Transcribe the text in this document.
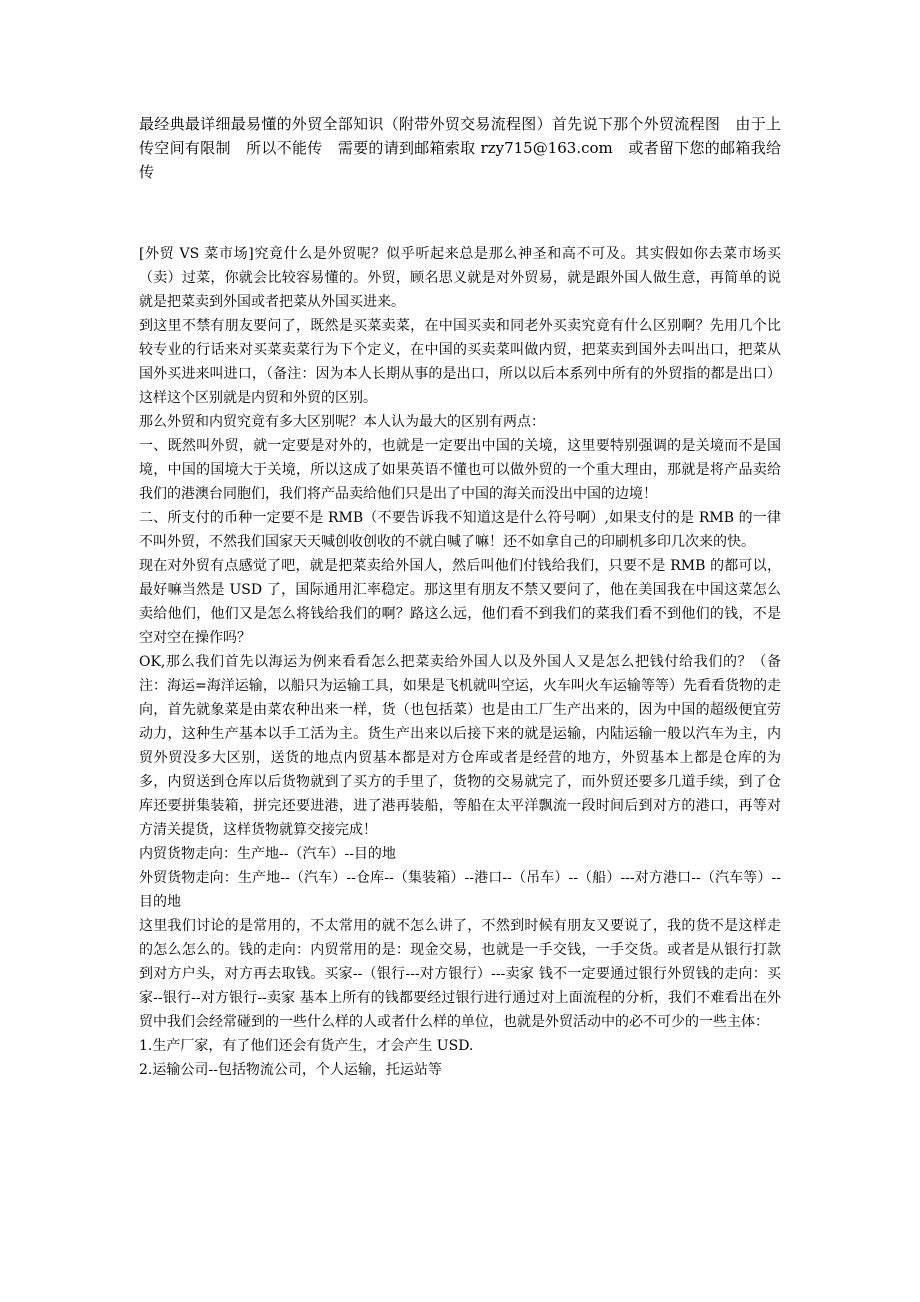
最经典最详细最易懂的外贸全部知识（附带外贸交易流程图）首先说下那个外贸流程图　由于上传空间有限制　所以不能传　需要的请到邮箱索取 rzy715@163.com　或者留下您的邮箱我给传

[外贸 VS 菜市场]究竟什么是外贸呢？似乎听起来总是那么神圣和高不可及。其实假如你去菜市场买（卖）过菜，你就会比较容易懂的。外贸，顾名思义就是对外贸易，就是跟外国人做生意，再简单的说就是把菜卖到外国或者把菜从外国买进来。

到这里不禁有朋友要问了，既然是买菜卖菜，在中国买卖和同老外买卖究竟有什么区别啊？先用几个比较专业的行话来对买菜卖菜行为下个定义，在中国的买卖菜叫做内贸，把菜卖到国外去叫出口，把菜从国外买进来叫进口，（备注：因为本人长期从事的是出口，所以以后本系列中所有的外贸指的都是出口）这样这个区别就是内贸和外贸的区别。

那么外贸和内贸究竟有多大区别呢？本人认为最大的区别有两点：

一、既然叫外贸，就一定要是对外的，也就是一定要出中国的关境，这里要特别强调的是关境而不是国境，中国的国境大于关境，所以这成了如果英语不懂也可以做外贸的一个重大理由，那就是将产品卖给我们的港澳台同胞们，我们将产品卖给他们只是出了中国的海关而没出中国的边境！

二、所支付的币种一定要不是 RMB（不要告诉我不知道这是什么符号啊）,如果支付的是 RMB 的一律不叫外贸，不然我们国家天天喊创收创收的不就白喊了嘛！还不如拿自己的印刷机多印几次来的快。

现在对外贸有点感觉了吧，就是把菜卖给外国人，然后叫他们付钱给我们，只要不是 RMB 的都可以，最好嘛当然是 USD 了，国际通用汇率稳定。那这里有朋友不禁又要问了，他在美国我在中国这菜怎么卖给他们，他们又是怎么将钱给我们的啊？路这么远，他们看不到我们的菜我们看不到他们的钱，不是空对空在操作吗？

OK,那么我们首先以海运为例来看看怎么把菜卖给外国人以及外国人又是怎么把钱付给我们的？（备注：海运=海洋运输，以船只为运输工具，如果是飞机就叫空运，火车叫火车运输等等）先看看货物的走向，首先就象菜是由菜农种出来一样，货（也包括菜）也是由工厂生产出来的，因为中国的超级便宜劳动力，这种生产基本以手工活为主。货生产出来以后接下来的就是运输，内陆运输一般以汽车为主，内贸外贸没多大区别，送货的地点内贸基本都是对方仓库或者是经营的地方，外贸基本上都是仓库的为多，内贸送到仓库以后货物就到了买方的手里了，货物的交易就完了，而外贸还要多几道手续，到了仓库还要拼集装箱，拼完还要进港，进了港再装船，等船在太平洋飘流一段时间后到对方的港口，再等对方清关提货，这样货物就算交接完成！

内贸货物走向：生产地--（汽车）--目的地

外贸货物走向：生产地--（汽车）--仓库--（集装箱）--港口--（吊车）--（船）---对方港口--（汽车等）--目的地

这里我们讨论的是常用的，不太常用的就不怎么讲了，不然到时候有朋友又要说了，我的货不是这样走的怎么怎么的。钱的走向：内贸常用的是：现金交易，也就是一手交钱，一手交货。或者是从银行打款到对方户头，对方再去取钱。买家--（银行---对方银行）---卖家 钱不一定要通过银行外贸钱的走向：买家--银行--对方银行--卖家 基本上所有的钱都要经过银行进行通过对上面流程的分析，我们不难看出在外贸中我们会经常碰到的一些什么样的人或者什么样的单位，也就是外贸活动中的必不可少的一些主体：

1.生产厂家，有了他们还会有货产生，才会产生 USD.

2.运输公司--包括物流公司，个人运输，托运站等
